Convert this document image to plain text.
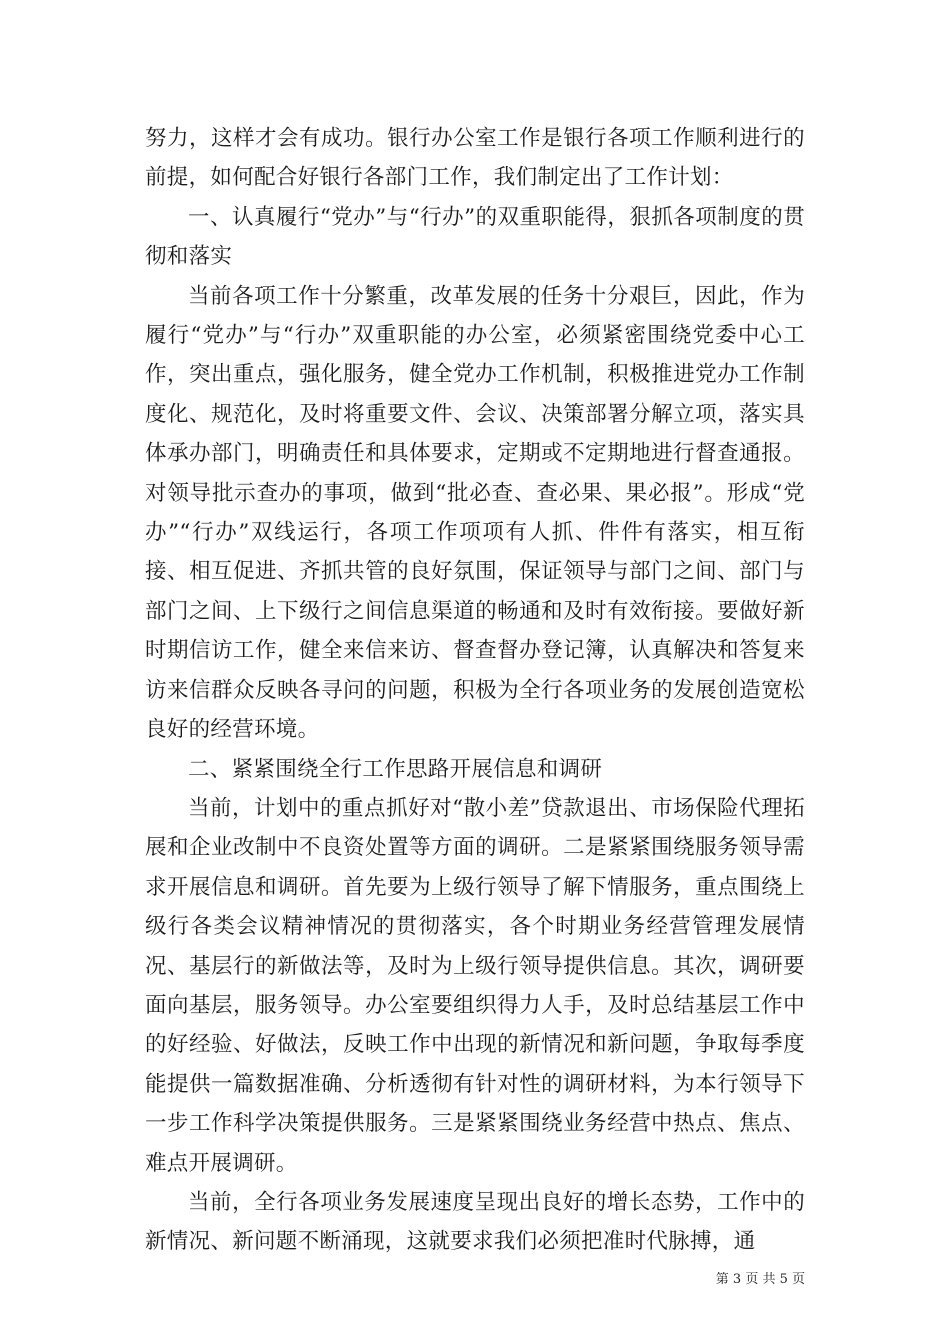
努力，这样才会有成功。银行办公室工作是银行各项工作顺利进行的前提，如何配合好银行各部门工作，我们制定出了工作计划：

一、认真履行“党办”与“行办”的双重职能得，狠抓各项制度的贯彻和落实

当前各项工作十分繁重，改革发展的任务十分艰巨，因此，作为履行“党办”与“行办”双重职能的办公室，必须紧密围绕党委中心工作，突出重点，强化服务，健全党办工作机制，积极推进党办工作制度化、规范化，及时将重要文件、会议、决策部署分解立项，落实具体承办部门，明确责任和具体要求，定期或不定期地进行督查通报。对领导批示查办的事项，做到“批必查、查必果、果必报”。形成“党办”“行办”双线运行，各项工作项项有人抓、件件有落实，相互衔接、相互促进、齐抓共管的良好氛围，保证领导与部门之间、部门与部门之间、上下级行之间信息渠道的畅通和及时有效衔接。要做好新时期信访工作，健全来信来访、督查督办登记簿，认真解决和答复来访来信群众反映各寻问的问题，积极为全行各项业务的发展创造宽松良好的经营环境。

二、紧紧围绕全行工作思路开展信息和调研

当前，计划中的重点抓好对“散小差”贷款退出、市场保险代理拓展和企业改制中不良资处置等方面的调研。二是紧紧围绕服务领导需求开展信息和调研。首先要为上级行领导了解下情服务，重点围绕上级行各类会议精神情况的贯彻落实，各个时期业务经营管理发展情况、基层行的新做法等，及时为上级行领导提供信息。其次，调研要面向基层，服务领导。办公室要组织得力人手，及时总结基层工作中的好经验、好做法，反映工作中出现的新情况和新问题，争取每季度能提供一篇数据准确、分析透彻有针对性的调研材料，为本行领导下一步工作科学决策提供服务。三是紧紧围绕业务经营中热点、焦点、难点开展调研。

当前，全行各项业务发展速度呈现出良好的增长态势，工作中的新情况、新问题不断涌现，这就要求我们必须把准时代脉搏，通

第 3 页 共 5 页
